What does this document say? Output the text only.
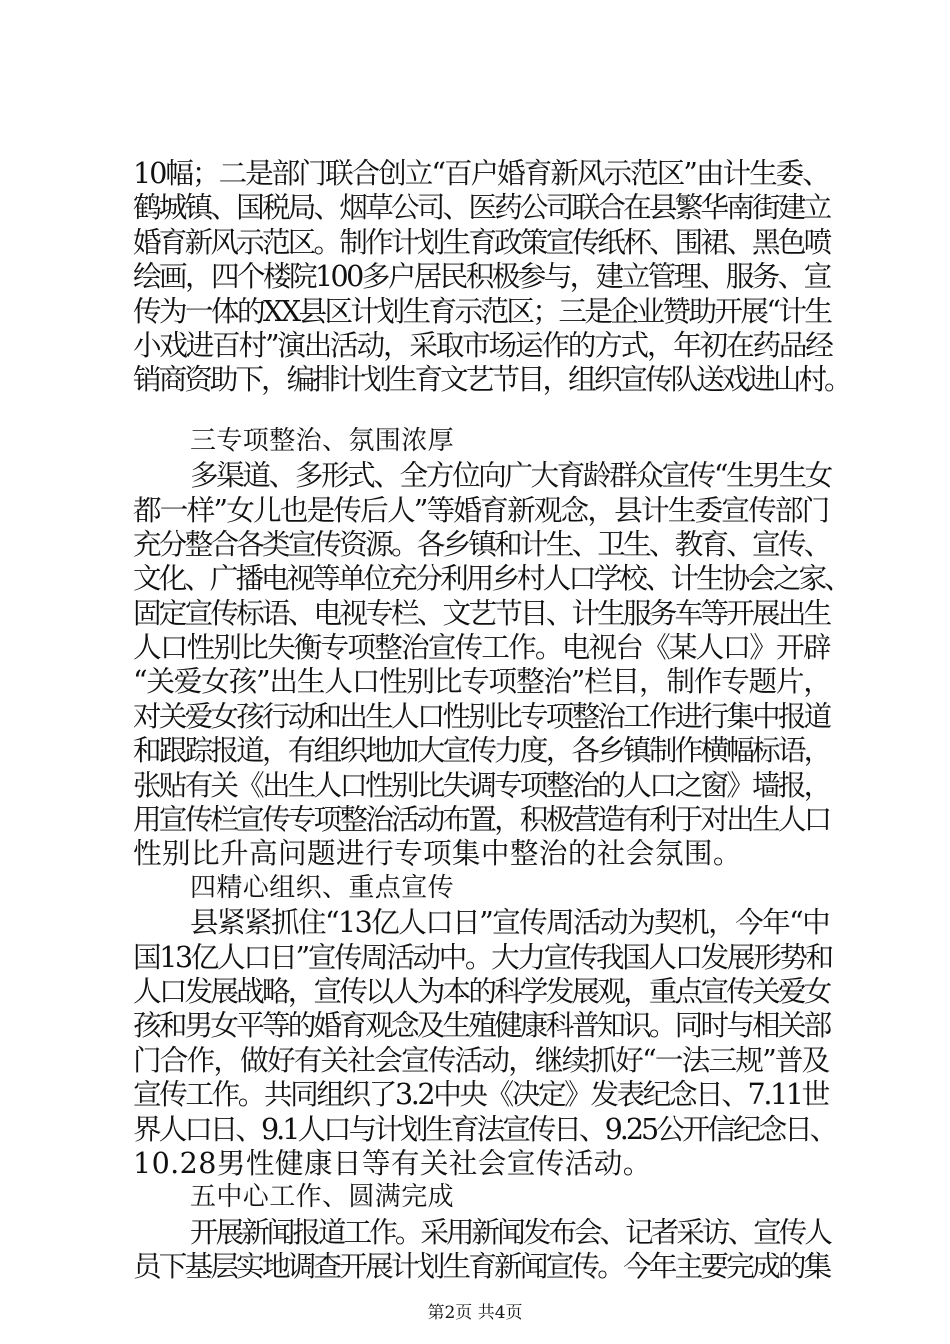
10幅；二是部门联合创立“百户婚育新风示范区”由计生委、
鹤城镇、国税局、烟草公司、医药公司联合在县繁华南街建立
婚育新风示范区。制作计划生育政策宣传纸杯、围裙、黑色喷
绘画，四个楼院100多户居民积极参与，建立管理、服务、宣
传为一体的XX县区计划生育示范区；三是企业赞助开展“计生
小戏进百村”演出活动，采取市场运作的方式，年初在药品经
销商资助下，编排计划生育文艺节目，组织宣传队送戏进山村。
三专项整治、氛围浓厚
多渠道、多形式、全方位向广大育龄群众宣传“生男生女
都一样”女儿也是传后人”等婚育新观念，县计生委宣传部门
充分整合各类宣传资源。各乡镇和计生、卫生、教育、宣传、
文化、广播电视等单位充分利用乡村人口学校、计生协会之家、
固定宣传标语、电视专栏、文艺节目、计生服务车等开展出生
人口性别比失衡专项整治宣传工作。电视台《某人口》开辟
“关爱女孩”出生人口性别比专项整治”栏目，制作专题片，
对关爱女孩行动和出生人口性别比专项整治工作进行集中报道
和跟踪报道，有组织地加大宣传力度，各乡镇制作横幅标语，
张贴有关《出生人口性别比失调专项整治的人口之窗》墙报，
用宣传栏宣传专项整治活动布置，积极营造有利于对出生人口
性别比升高问题进行专项集中整治的社会氛围。
四精心组织、重点宣传
县紧紧抓住“13亿人口日”宣传周活动为契机，今年“中
国13亿人口日”宣传周活动中。大力宣传我国人口发展形势和
人口发展战略，宣传以人为本的科学发展观，重点宣传关爱女
孩和男女平等的婚育观念及生殖健康科普知识。同时与相关部
门合作，做好有关社会宣传活动，继续抓好“一法三规”普及
宣传工作。共同组织了3.2中央《决定》发表纪念日、7.11世
界人口日、9.1人口与计划生育法宣传日、9.25公开信纪念日、
10.28男性健康日等有关社会宣传活动。
五中心工作、圆满完成
开展新闻报道工作。采用新闻发布会、记者采访、宣传人
员下基层实地调查开展计划生育新闻宣传。今年主要完成的集
第2页 共4页
